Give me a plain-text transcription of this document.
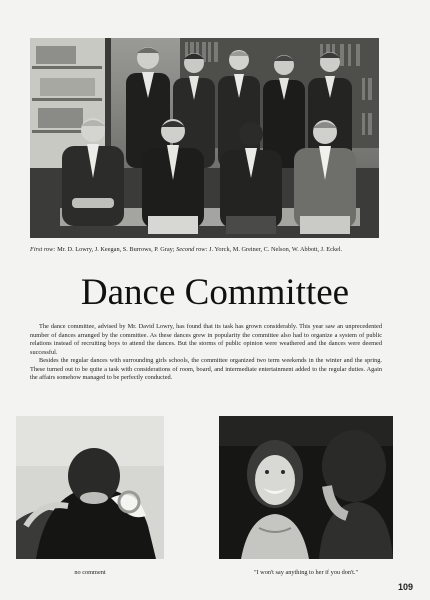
First row: Mr. D. Lowry, J. Keegan, S. Burrows, P. Gray; Second row: J. Yorck, M. Greiner, C. Nelson, W. Abbott, J. Eckel.
Dance Committee

The dance committee, advised by Mr. David Lowry, has found that its task has grown considerably. This year saw an unprecedented number of dances arranged by the committee. As these dances grew in popularity the committee also had to organize a system of public relations instead of recruiting boys to attend the dances. But the storms of public opinion were weathered and the dances were deemed successful.

Besides the regular dances with surrounding girls schools, the committee organized two term weekends in the winter and the spring. These turned out to be quite a task with considerations of room, board, and intermediate entertainment added to the regular duties. Again the affairs somehow managed to be perfectly conducted.

no comment	"I won't say anything to her if you don't."
109
